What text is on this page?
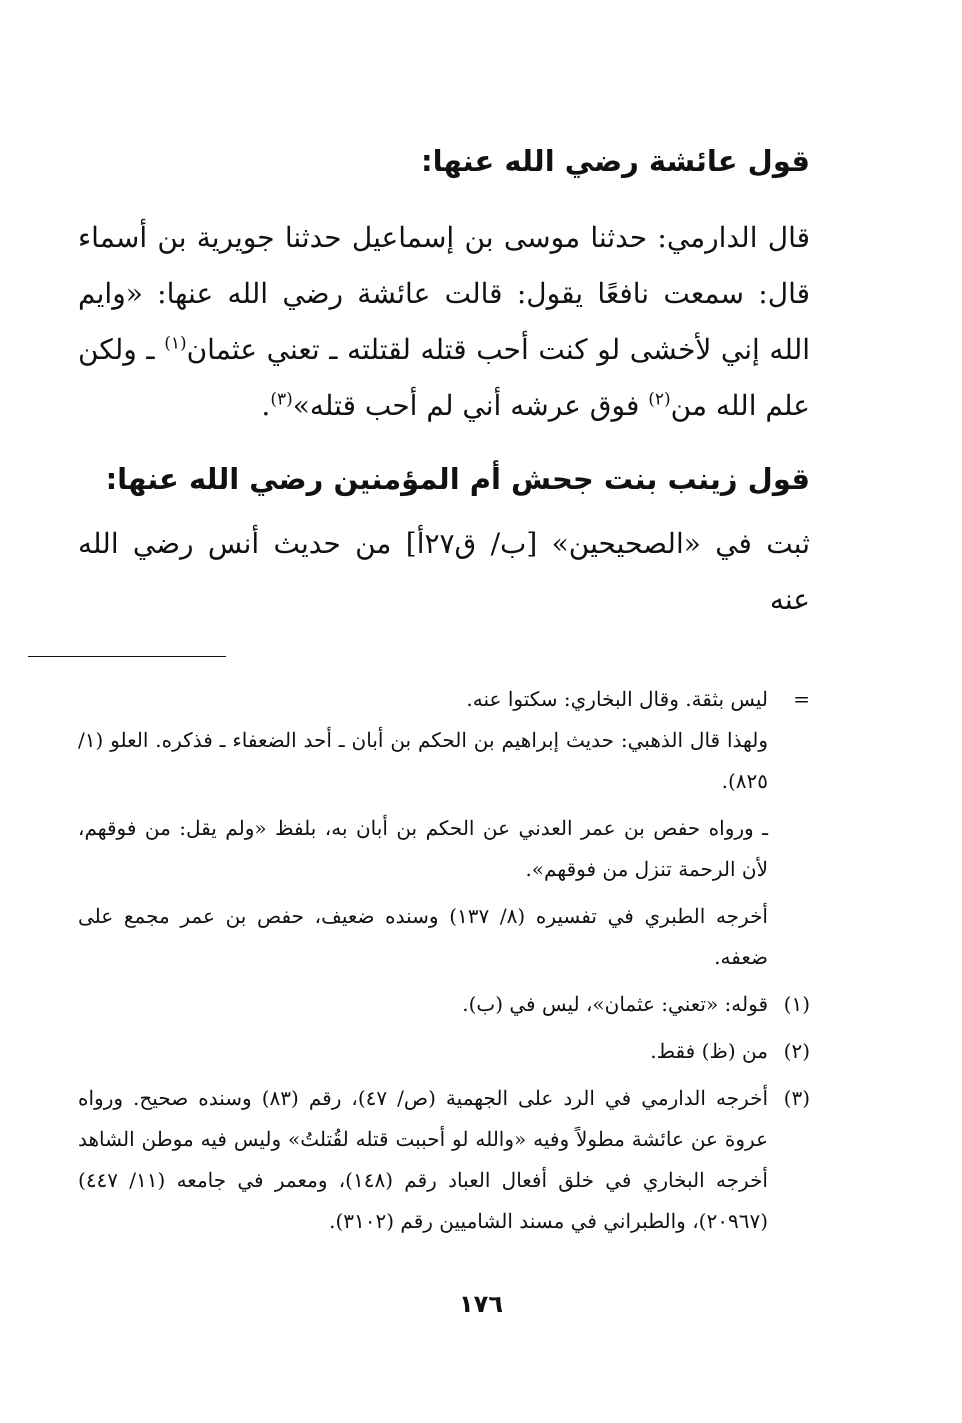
قول عائشة رضي الله عنها:

قال الدارمي: حدثنا موسى بن إسماعيل حدثنا جويرية بن أسماء قال: سمعت نافعًا يقول: قالت عائشة رضي الله عنها: «وايم الله إني لأخشى لو كنت أحب قتله لقتلته ـ تعني عثمان$^{(١)}$ ـ ولكن علم الله من$^{(٢)}$ فوق عرشه أني لم أحب قتله»$^{(٣)}$.

قول زينب بنت جحش أم المؤمنين رضي الله عنها:

ثبت في «الصحيحين» [ب/ ق٢٧أ] من حديث أنس رضي الله عنه

=

ليس بثقة. وقال البخاري: سكتوا عنه.

ولهذا قال الذهبي: حديث إبراهيم بن الحكم بن أبان ـ أحد الضعفاء ـ فذكره. العلو (١/ ٨٢٥).

ـ ورواه حفص بن عمر العدني عن الحكم بن أبان به، بلفظ «ولم يقل: من فوقهم، لأن الرحمة تنزل من فوقهم».

أخرجه الطبري في تفسيره (٨/ ١٣٧) وسنده ضعيف، حفص بن عمر مجمع على ضعفه.

(١)
قوله: «تعني: عثمان»، ليس في (ب).
(٢)
من (ظ) فقط.
(٣)
أخرجه الدارمي في الرد على الجهمية (ص/ ٤٧)، رقم (٨٣) وسنده صحيح. ورواه عروة عن عائشة مطولاً وفيه «والله لو أحببت قتله لقُتلتُ» وليس فيه موطن الشاهد أخرجه البخاري في خلق أفعال العباد رقم (١٤٨)، ومعمر في جامعه (١١/ ٤٤٧) (٢٠٩٦٧)، والطبراني في مسند الشاميين رقم (٣١٠٢).
١٧٦
